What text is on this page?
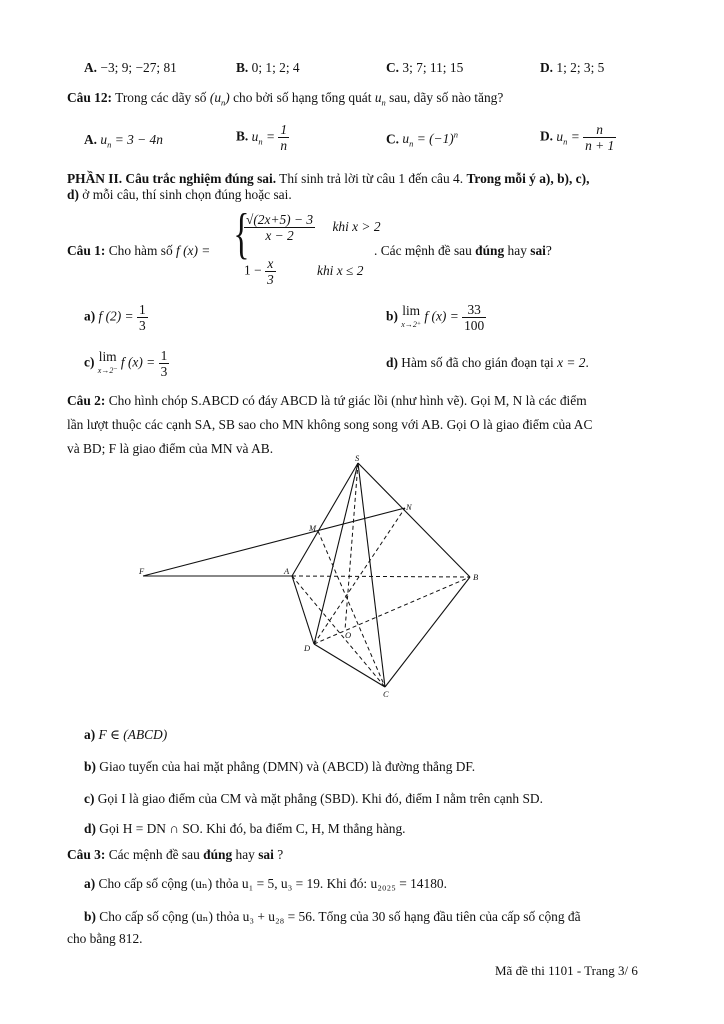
A. −3; 9; −27; 81	B. 0; 1; 2; 4	C. 3; 7; 11; 15	D. 1; 2; 3; 5
Câu 12: Trong các dãy số $(u_n)$ cho bởi số hạng tổng quát $u_n$ sau, dãy số nào tăng?
A. $u_n = 3 - 4n$	B. $u_n = \frac{1}{n}$	C. $u_n = (-1)^n$	D. $u_n = \frac{n}{n + 1}$
PHẦN II. Câu trắc nghiệm đúng sai. Thí sinh trả lời từ câu 1 đến câu 4. Trong mỗi ý a), b), c),
d) ở mỗi câu, thí sinh chọn đúng hoặc sai.
Câu 1: Cho hàm số f (x) = {
$\frac{√(2x+5) - 3}{x - 2}$ khi x > 2
$1 - \frac{x}{3}$	khi x ≤ 2
. Các mệnh đề sau đúng hay sai?
a) f $(2) = \frac{1}{3}$	b) lim
x→2⁺ f $(x) = \frac{33}{100}$
c) lim
x→2⁻ f $(x) = \frac{1}{3}$	d) Hàm số đã cho gián đoạn tại x = 2.
Câu 2: Cho hình chóp S.ABCD có đáy ABCD là tứ giác lồi (như hình vẽ). Gọi M, N là các điểm
lần lượt thuộc các cạnh SA, SB sao cho MN không song song với AB. Gọi O là giao điểm của AC
và BD; F là giao điểm của MN và AB.
S
N
M
F	A
B
O
D
C
a) F ∈ (ABCD)
b) Giao tuyến của hai mặt phẳng (DMN) và (ABCD) là đường thẳng DF.
c) Gọi I là giao điểm của CM và mặt phẳng (SBD). Khi đó, điểm I nằm trên cạnh SD.
d) Gọi H = DN ∩ SO. Khi đó, ba điểm C, H, M thẳng hàng.
Câu 3: Các mệnh đề sau đúng hay sai ?
a) Cho cấp số cộng (uₙ) thỏa u₁ = 5, u₃ = 19. Khi đó: u₂₀₂₅ = 14180.
b) Cho cấp số cộng (uₙ) thỏa u₃ + u₂₈ = 56. Tổng của 30 số hạng đầu tiên của cấp số cộng đã
cho bằng 812.
Mã đề thi 1101 - Trang 3/ 6
